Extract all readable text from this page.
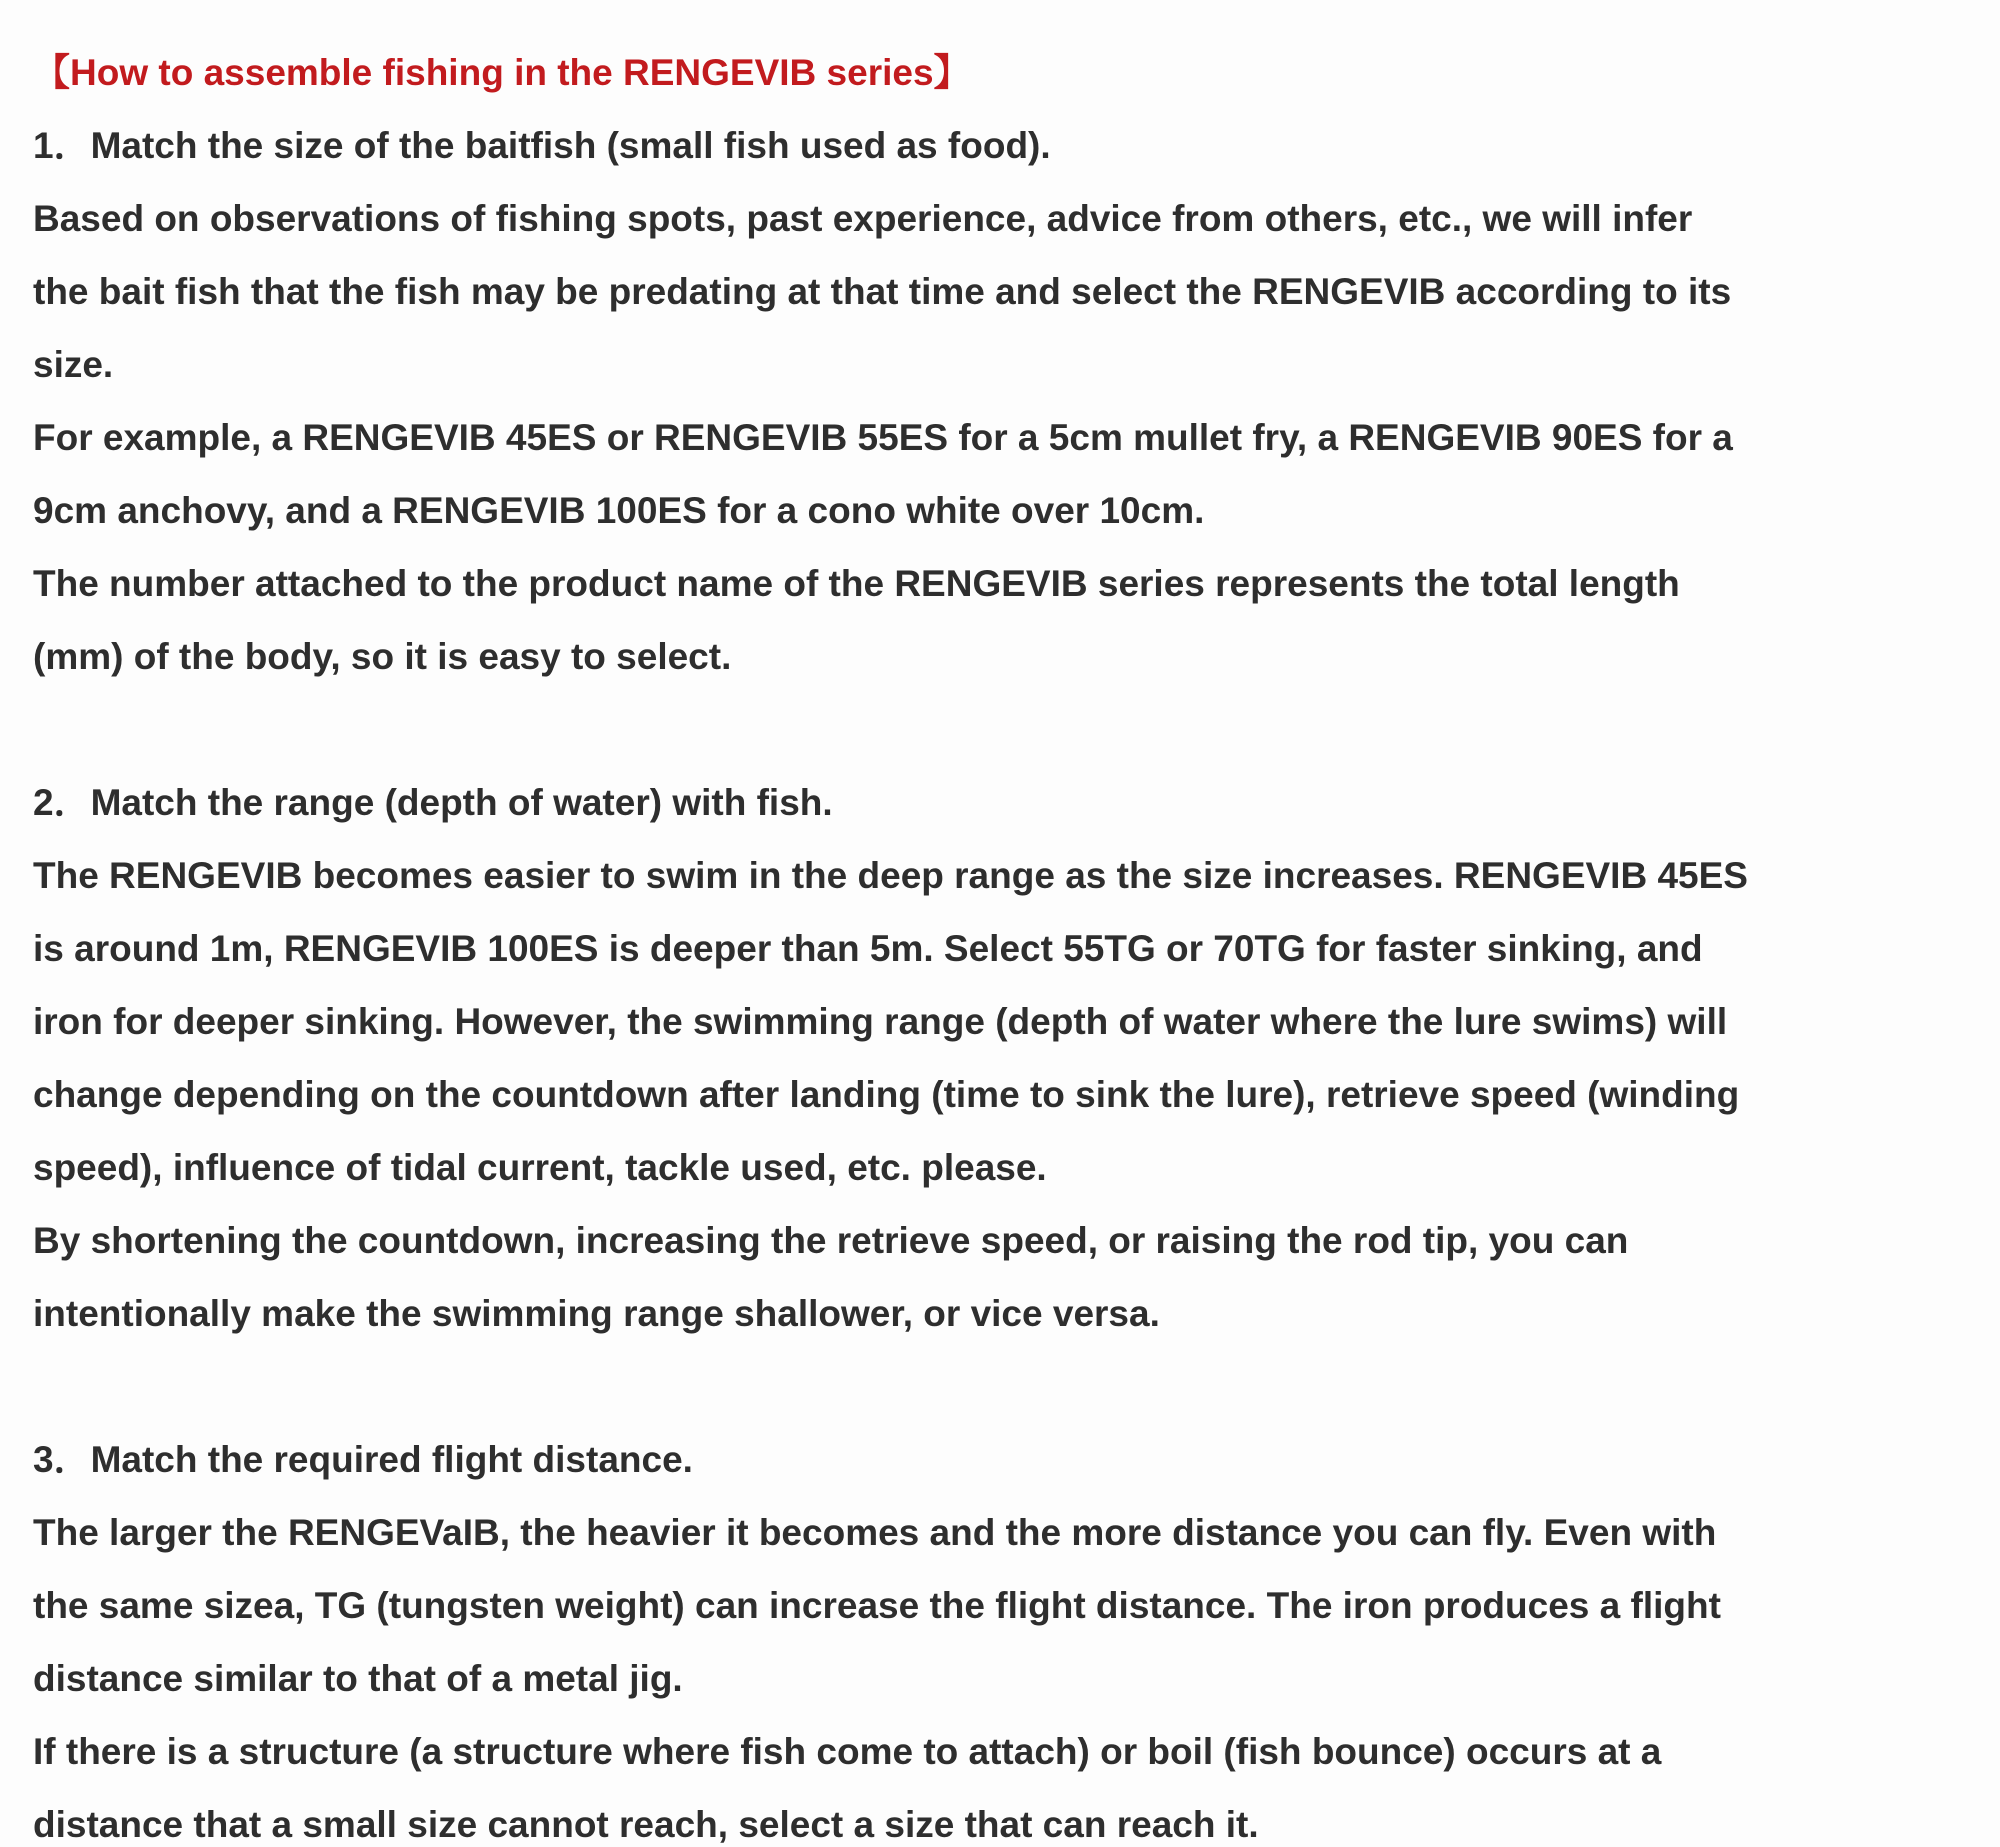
【How to assemble fishing in the RENGEVIB series】
1．Match the size of the baitfish (small fish used as food).
Based on observations of fishing spots, past experience, advice from others, etc., we will infer
the bait fish that the fish may be predating at that time and select the RENGEVIB according to its
size.
For example, a RENGEVIB 45ES or RENGEVIB 55ES for a 5cm mullet fry, a RENGEVIB 90ES for a
9cm anchovy, and a RENGEVIB 100ES for a cono white over 10cm.
The number attached to the product name of the RENGEVIB series represents the total length
(mm) of the body, so it is easy to select.
2．Match the range (depth of water) with fish.
The RENGEVIB becomes easier to swim in the deep range as the size increases. RENGEVIB 45ES
is around 1m, RENGEVIB 100ES is deeper than 5m. Select 55TG or 70TG for faster sinking, and
iron for deeper sinking. However, the swimming range (depth of water where the lure swims) will
change depending on the countdown after landing (time to sink the lure), retrieve speed (winding
speed), influence of tidal current, tackle used, etc. please.
By shortening the countdown, increasing the retrieve speed, or raising the rod tip, you can
intentionally make the swimming range shallower, or vice versa.
3．Match the required flight distance.
The larger the RENGEVaIB, the heavier it becomes and the more distance you can fly. Even with
the same sizea, TG (tungsten weight) can increase the flight distance. The iron produces a flight
distance similar to that of a metal jig.
If there is a structure (a structure where fish come to attach) or boil (fish bounce) occurs at a
distance that a small size cannot reach, select a size that can reach it.
